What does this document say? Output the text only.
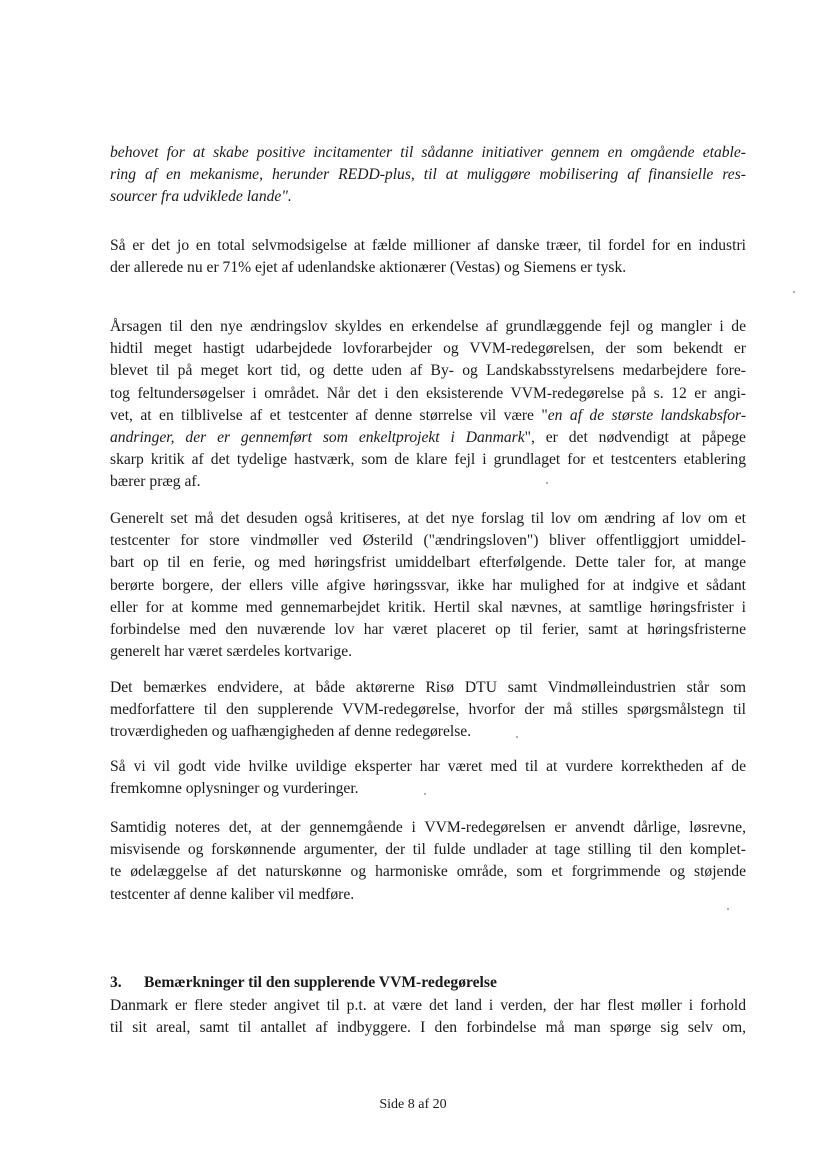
behovet for at skabe positive incitamenter til sådanne initiativer gennem en omgående etable-
ring af en mekanisme, herunder REDD-plus, til at muliggøre mobilisering af finansielle res-
sourcer fra udviklede lande".
Så er det jo en total selvmodsigelse at fælde millioner af danske træer, til fordel for en industri
der allerede nu er 71% ejet af udenlandske aktionærer (Vestas) og Siemens er tysk.
Årsagen til den nye ændringslov skyldes en erkendelse af grundlæggende fejl og mangler i de
hidtil meget hastigt udarbejdede lovforarbejder og VVM-redegørelsen, der som bekendt er
blevet til på meget kort tid, og dette uden af By- og Landskabsstyrelsens medarbejdere fore-
tog feltundersøgelser i området. Når det i den eksisterende VVM-redegørelse på s. 12 er angi-
vet, at en tilblivelse af et testcenter af denne størrelse vil være "en af de største landskabsfor-
andringer, der er gennemført som enkeltprojekt i Danmark", er det nødvendigt at påpege
skarp kritik af det tydelige hastværk, som de klare fejl i grundlaget for et testcenters etablering
bærer præg af.
Generelt set må det desuden også kritiseres, at det nye forslag til lov om ændring af lov om et
testcenter for store vindmøller ved Østerild ("ændringsloven") bliver offentliggjort umiddel-
bart op til en ferie, og med høringsfrist umiddelbart efterfølgende. Dette taler for, at mange
berørte borgere, der ellers ville afgive høringssvar, ikke har mulighed for at indgive et sådant
eller for at komme med gennemarbejdet kritik. Hertil skal nævnes, at samtlige høringsfrister i
forbindelse med den nuværende lov har været placeret op til ferier, samt at høringsfristerne
generelt har været særdeles kortvarige.
Det bemærkes endvidere, at både aktørerne Risø DTU samt Vindmølleindustrien står som
medforfattere til den supplerende VVM-redegørelse, hvorfor der må stilles spørgsmålstegn til
troværdigheden og uafhængigheden af denne redegørelse.
Så vi vil godt vide hvilke uvildige eksperter har været med til at vurdere korrektheden af de
fremkomne oplysninger og vurderinger.
Samtidig noteres det, at der gennemgående i VVM-redegørelsen er anvendt dårlige, løsrevne,
misvisende og forskønnende argumenter, der til fulde undlader at tage stilling til den komplet-
te ødelæggelse af det naturskønne og harmoniske område, som et forgrimmende og støjende
testcenter af denne kaliber vil medføre.
3. Bemærkninger til den supplerende VVM-redegørelse
Danmark er flere steder angivet til p.t. at være det land i verden, der har flest møller i forhold
til sit areal, samt til antallet af indbyggere. I den forbindelse må man spørge sig selv om,
Side 8 af 20
